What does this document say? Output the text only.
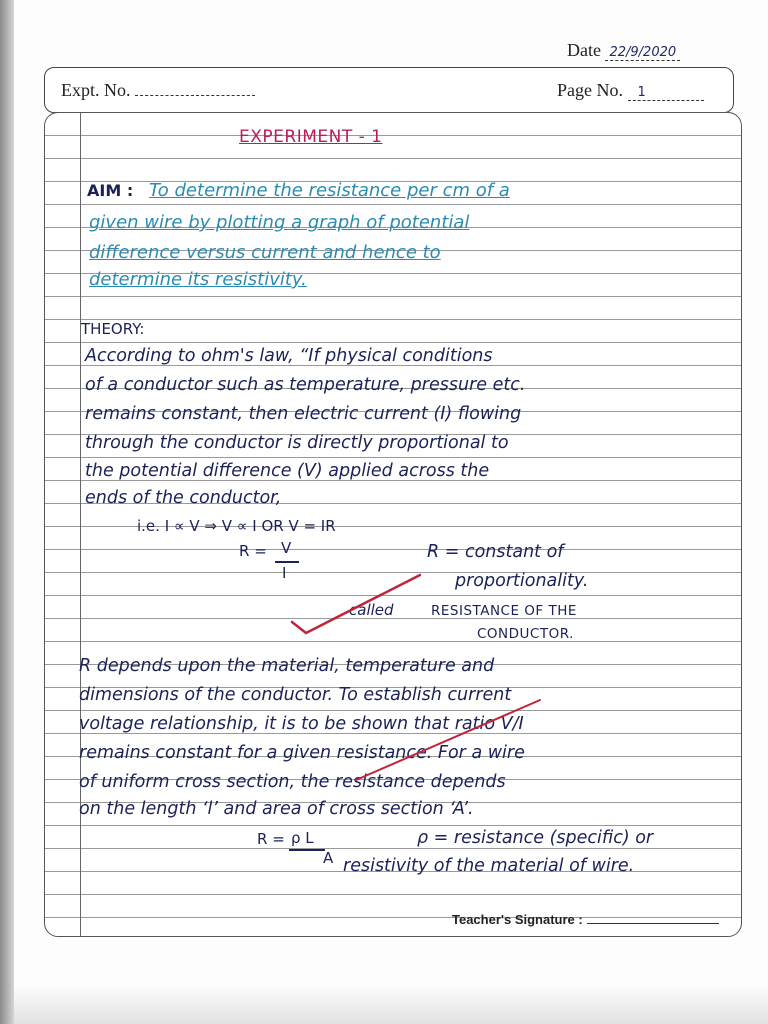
Date 22/9/2020
Expt. No.	Page No. 1
EXPERIMENT - 1
AIM : To determine the resistance per cm of a
given wire by plotting a graph of potential
difference versus current and hence to
determine its resistivity.
THEORY:
According to ohm's law, “If physical conditions
of a conductor such as temperature, pressure etc.
remains constant, then electric current (I) flowing
through the conductor is directly proportional to
the potential difference (V) applied across the
ends of the conductor,
i.e. I ∝ V ⇒ V ∝ I OR V = IR
R = V
I
R = constant of
proportionality.
called	RESISTANCE OF THE
CONDUCTOR.
R depends upon the material, temperature and
dimensions of the conductor. To establish current
voltage relationship, it is to be shown that ratio V/I
remains constant for a given resistance. For a wire
of uniform cross section, the resistance depends
on the length ‘l’ and area of cross section ‘A’.
R = ρ L
A
ρ = resistance (specific) or
resistivity of the material of wire.
Teacher's Signature :
